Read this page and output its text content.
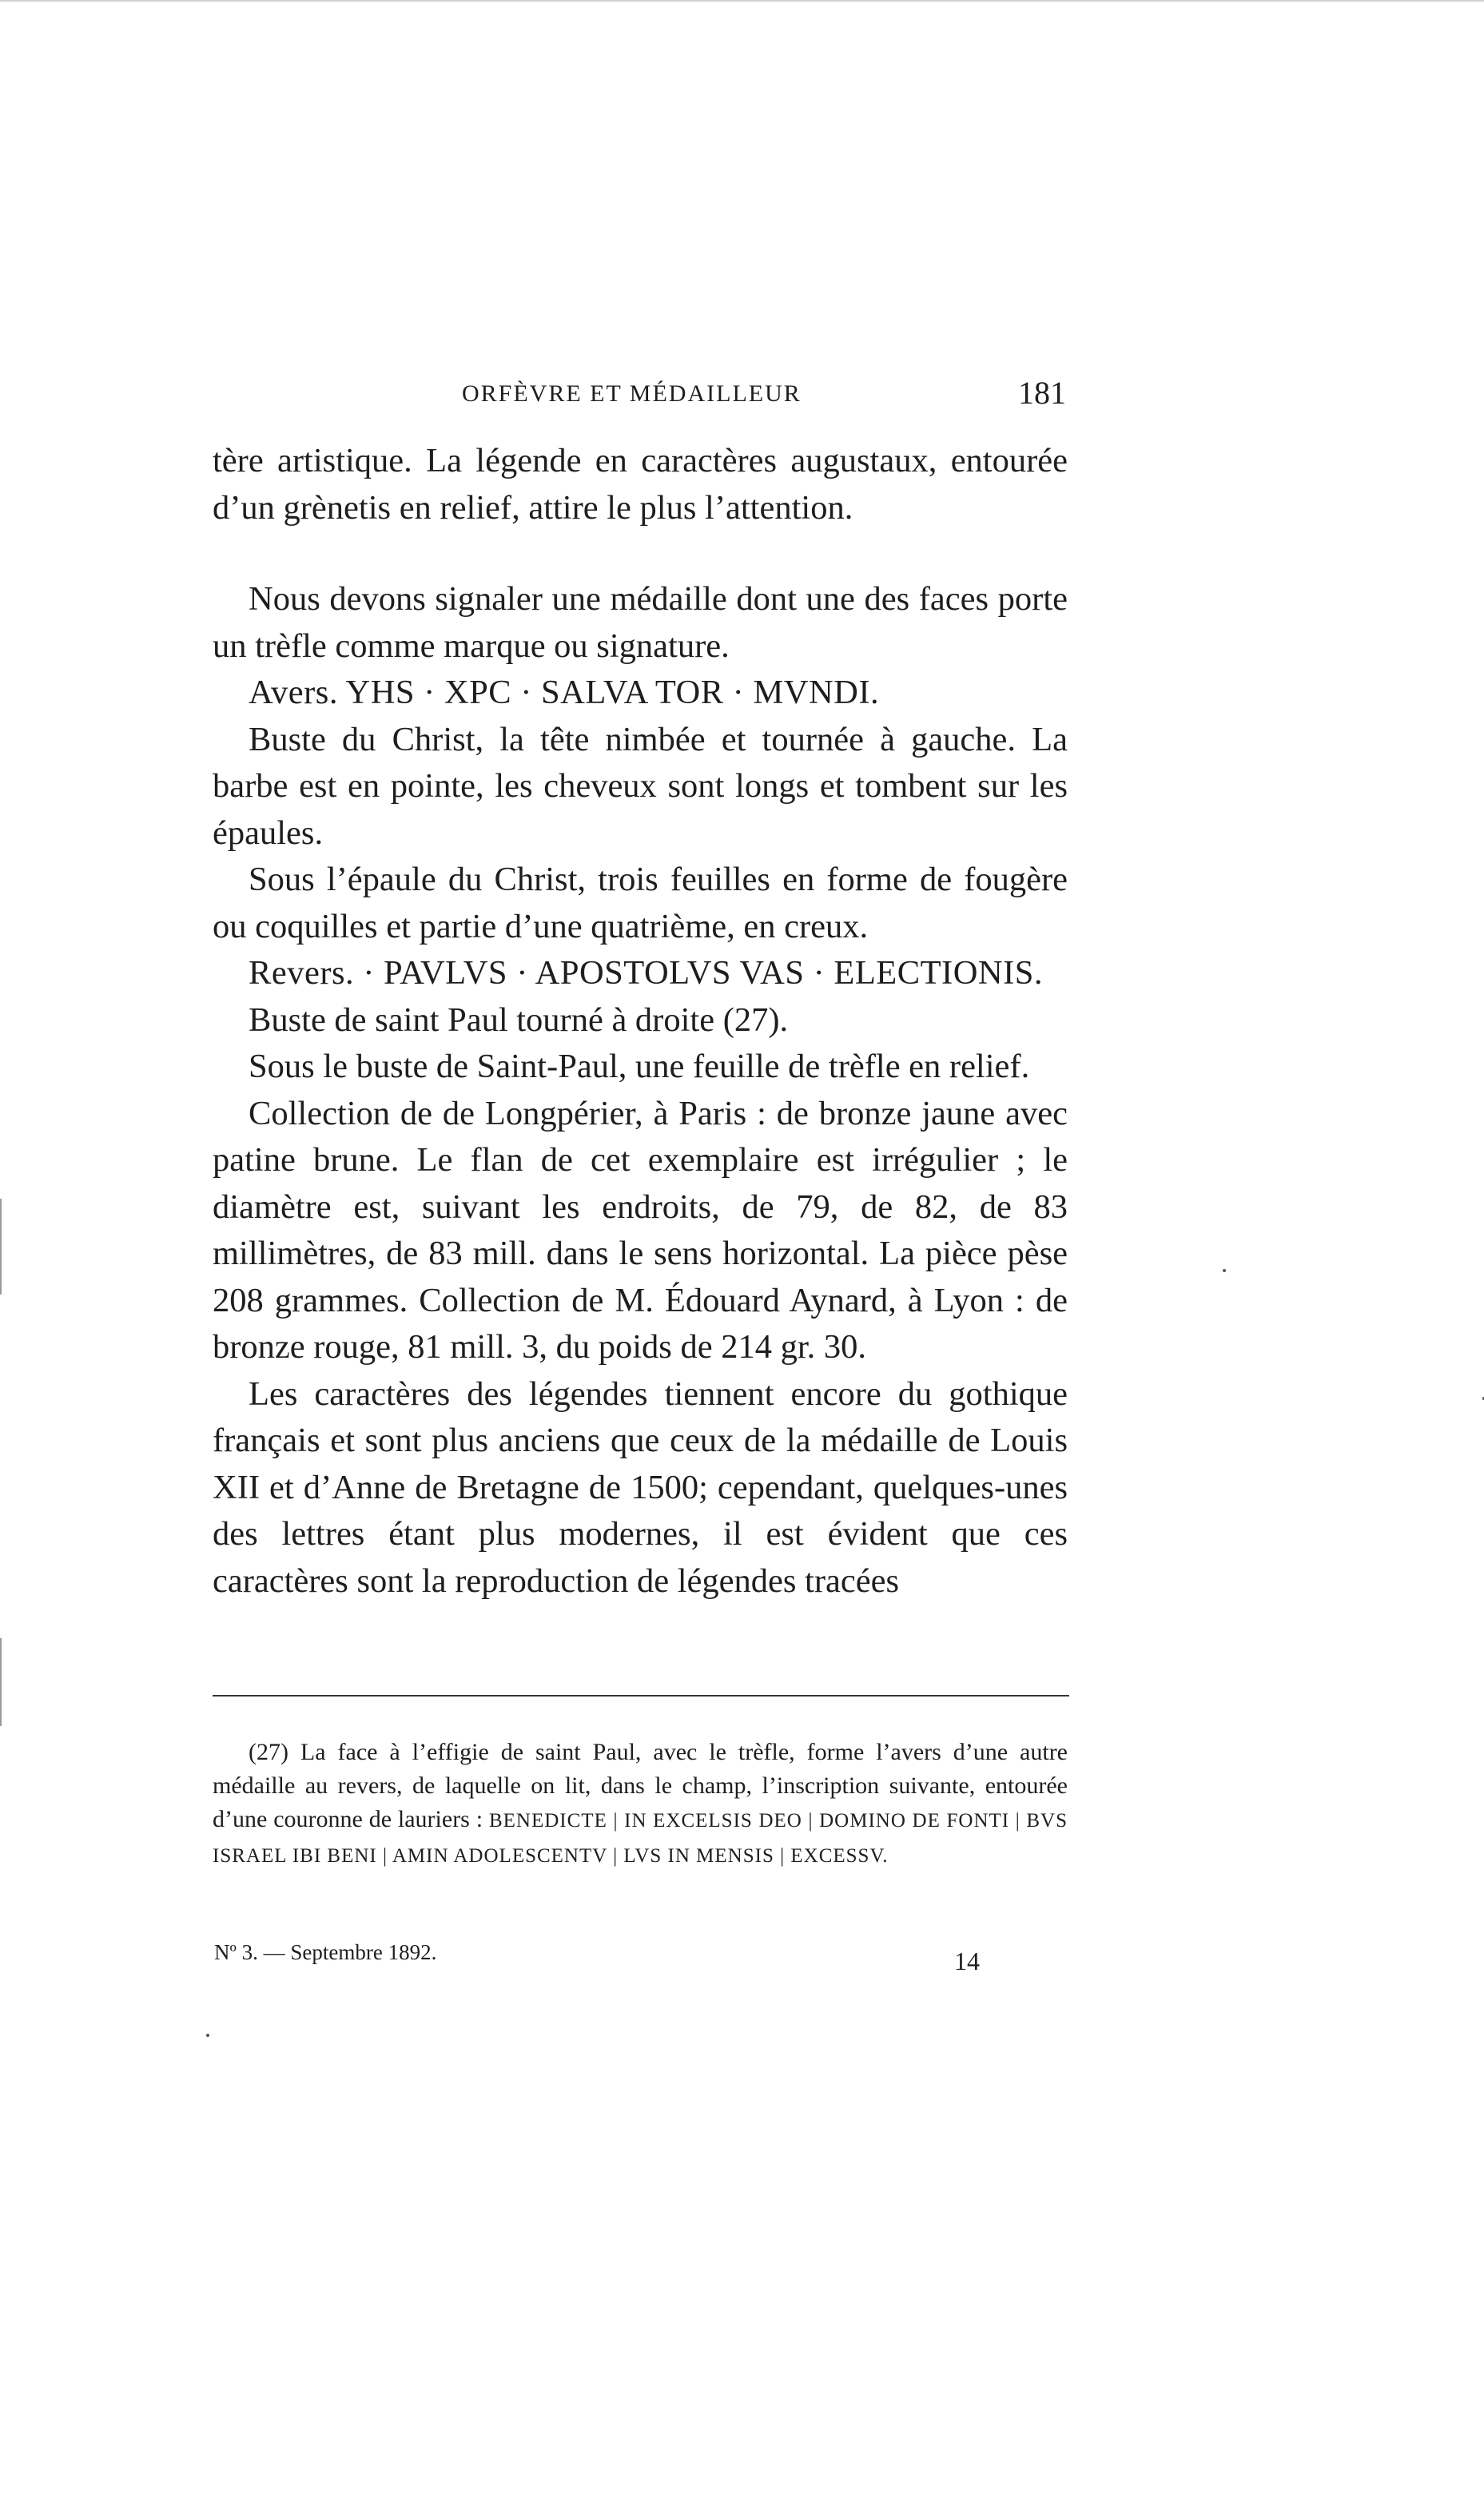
ORFÈVRE ET MÉDAILLEUR	181

tère artistique. La légende en caractères augustaux, entourée d’un grènetis en relief, attire le plus l’attention.

Nous devons signaler une médaille dont une des faces porte un trèfle comme marque ou signature.

Avers. YHS · XPC · SALVA TOR · MVNDI.

Buste du Christ, la tête nimbée et tournée à gauche. La barbe est en pointe, les cheveux sont longs et tombent sur les épaules.

Sous l’épaule du Christ, trois feuilles en forme de fougère ou coquilles et partie d’une quatrième, en creux.

Revers. · PAVLVS · APOSTOLVS VAS · ELECTIONIS.

Buste de saint Paul tourné à droite (27).

Sous le buste de Saint-Paul, une feuille de trèfle en relief.

Collection de de Longpérier, à Paris : de bronze jaune avec patine brune. Le flan de cet exemplaire est irrégulier ; le diamètre est, suivant les endroits, de 79, de 82, de 83 millimètres, de 83 mill. dans le sens horizontal. La pièce pèse 208 grammes. Collection de M. Édouard Aynard, à Lyon : de bronze rouge, 81 mill. 3, du poids de 214 gr. 30.

Les caractères des légendes tiennent encore du gothique français et sont plus anciens que ceux de la médaille de Louis XII et d’Anne de Bretagne de 1500; cependant, quelques-unes des lettres étant plus modernes, il est évident que ces caractères sont la reproduction de légendes tracées

(27) La face à l’effigie de saint Paul, avec le trèfle, forme l’avers d’une autre médaille au revers, de laquelle on lit, dans le champ, l’inscription suivante, entourée d’une couronne de lauriers : BENEDICTE | IN EXCELSIS DEO | DOMINO DE FONTI | BVS ISRAEL IBI BENI | AMIN ADOLESCENTV | LVS IN MENSIS | EXCESSV.

Nº 3. — Septembre 1892.	14
